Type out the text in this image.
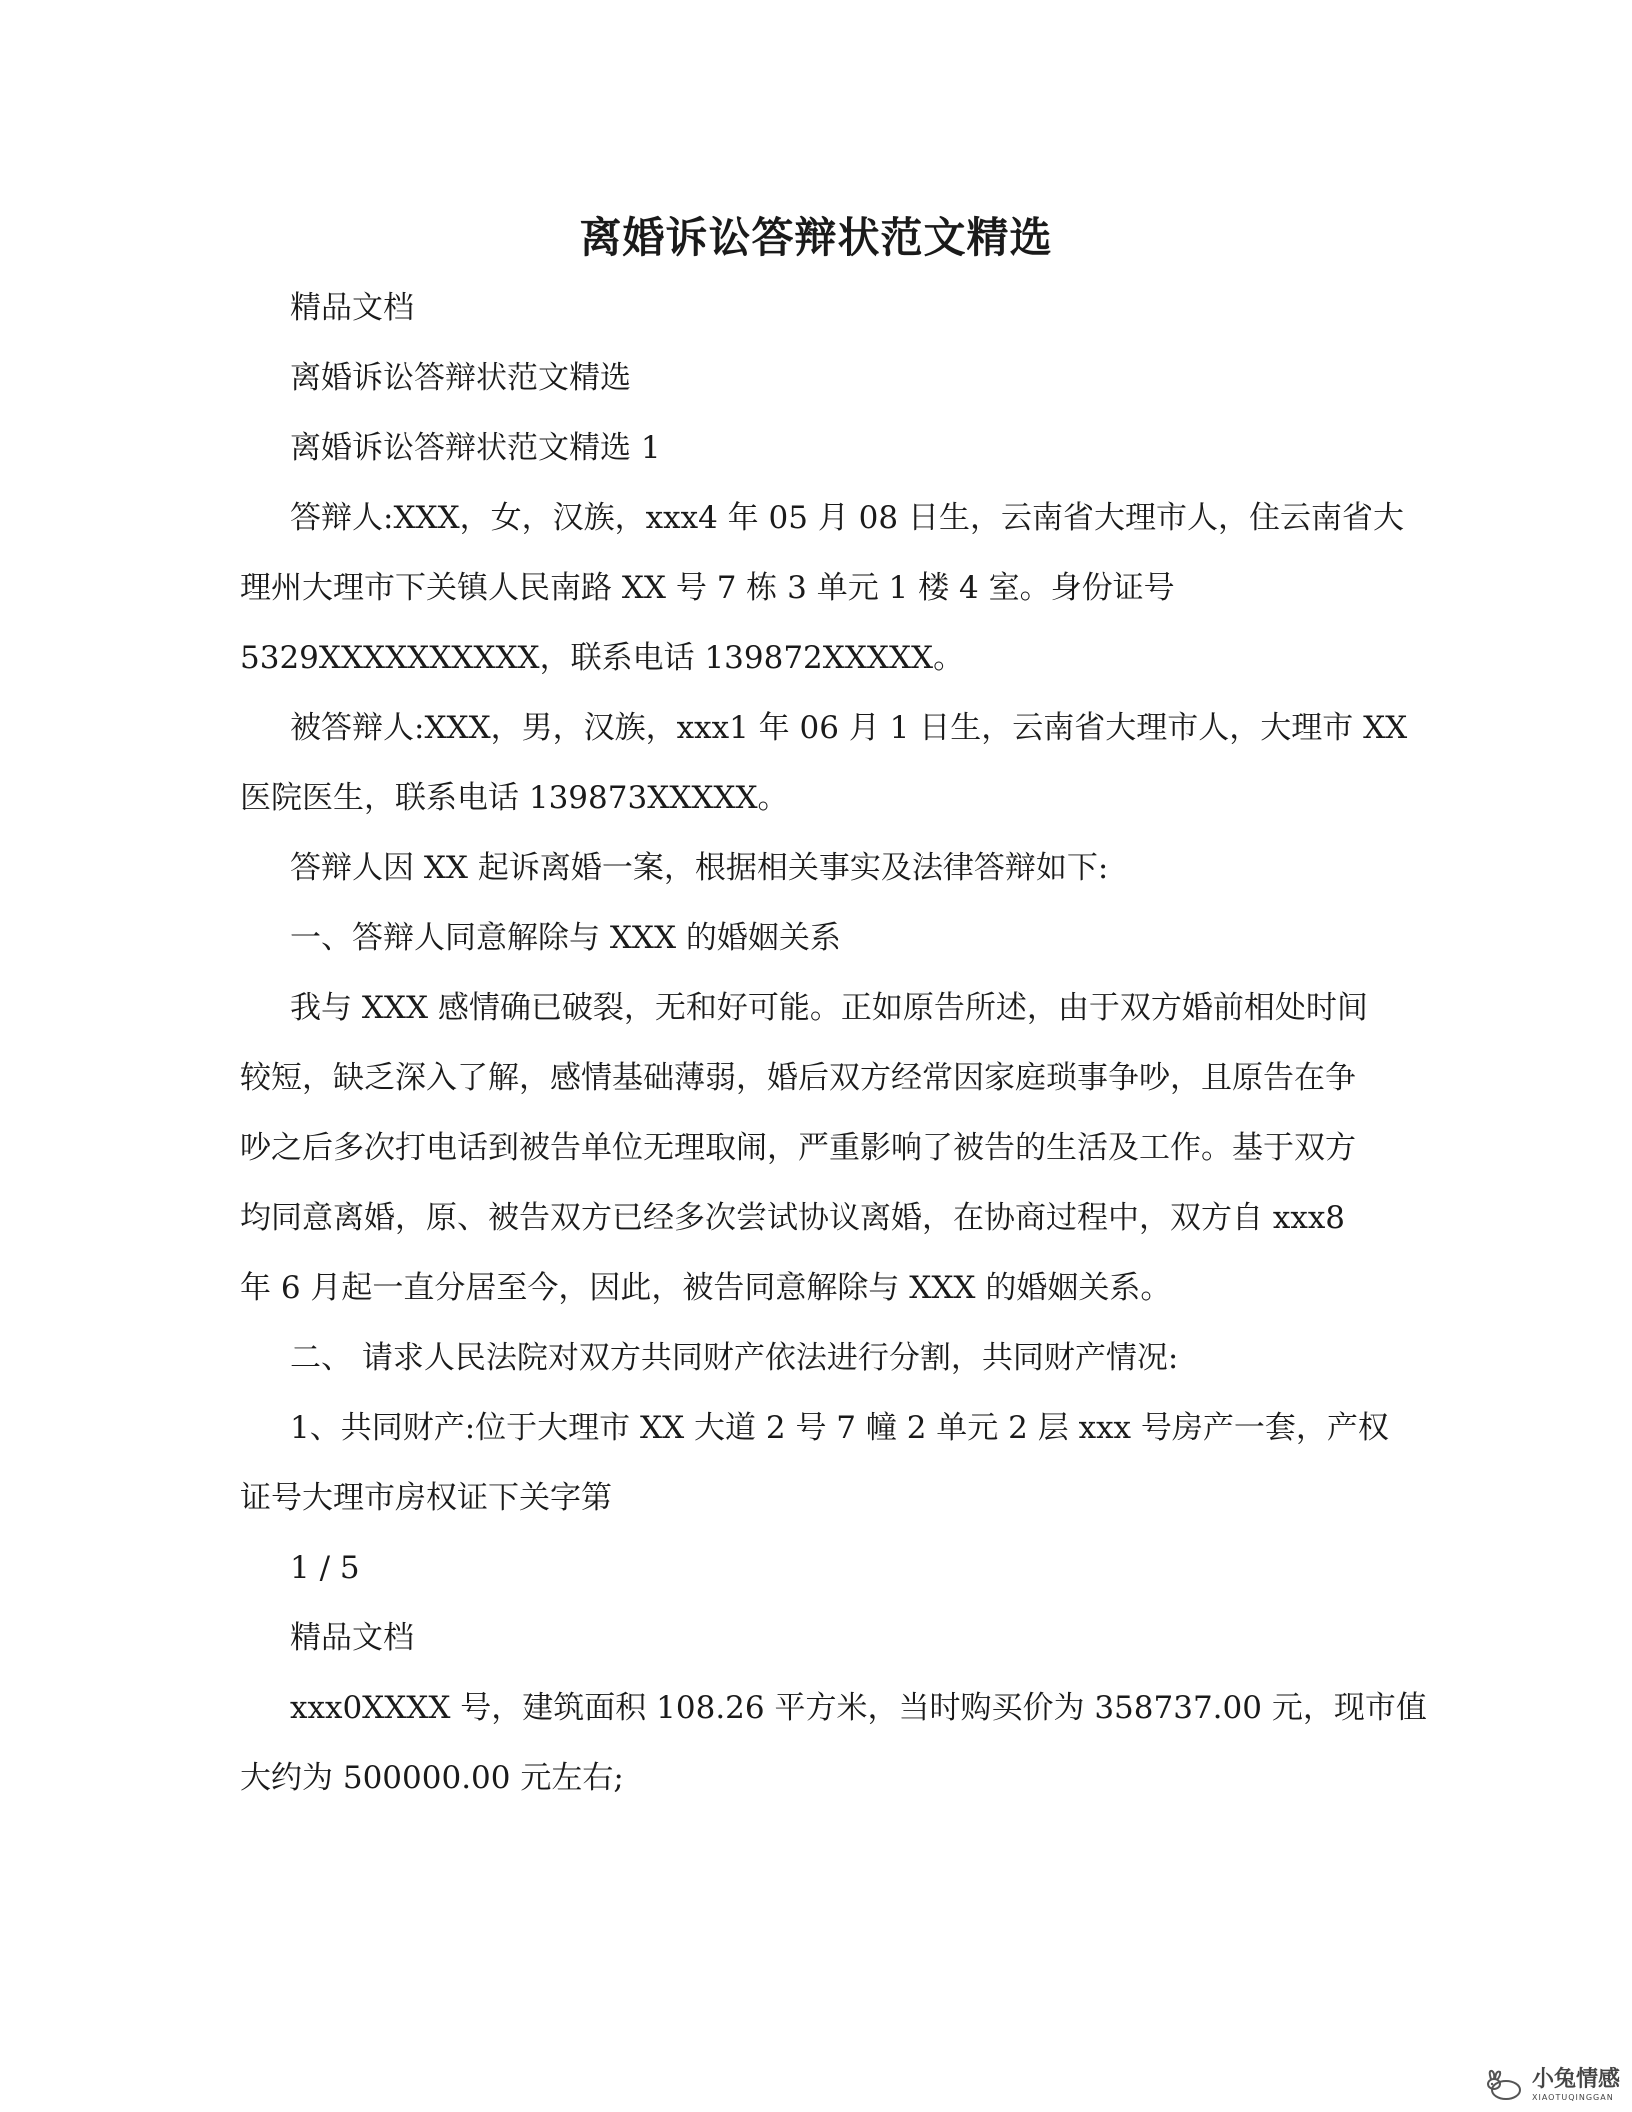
离婚诉讼答辩状范文精选
精品文档
离婚诉讼答辩状范文精选
离婚诉讼答辩状范文精选 1
答辩人:XXX，女，汉族，xxx4 年 05 月 08 日生，云南省大理市人，住云南省大
理州大理市下关镇人民南路 XX 号 7 栋 3 单元 1 楼 4 室。身份证号
5329XXXXXXXXXX，联系电话 139872XXXXX。
被答辩人:XXX，男，汉族，xxx1 年 06 月 1 日生，云南省大理市人，大理市 XX
医院医生，联系电话 139873XXXXX。
答辩人因 XX 起诉离婚一案，根据相关事实及法律答辩如下:
一、答辩人同意解除与 XXX 的婚姻关系
我与 XXX 感情确已破裂，无和好可能。正如原告所述，由于双方婚前相处时间
较短，缺乏深入了解，感情基础薄弱，婚后双方经常因家庭琐事争吵，且原告在争
吵之后多次打电话到被告单位无理取闹，严重影响了被告的生活及工作。基于双方
均同意离婚，原、被告双方已经多次尝试协议离婚，在协商过程中，双方自 xxx8
年 6 月起一直分居至今，因此，被告同意解除与 XXX 的婚姻关系。
二、 请求人民法院对双方共同财产依法进行分割，共同财产情况:
1、共同财产:位于大理市 XX 大道 2 号 7 幢 2 单元 2 层 xxx 号房产一套，产权
证号大理市房权证下关字第
1 / 5
精品文档
xxx0XXXX 号，建筑面积 108.26 平方米，当时购买价为 358737.00 元，现市值
大约为 500000.00 元左右;
小兔情感
XIAOTUQINGGAN
